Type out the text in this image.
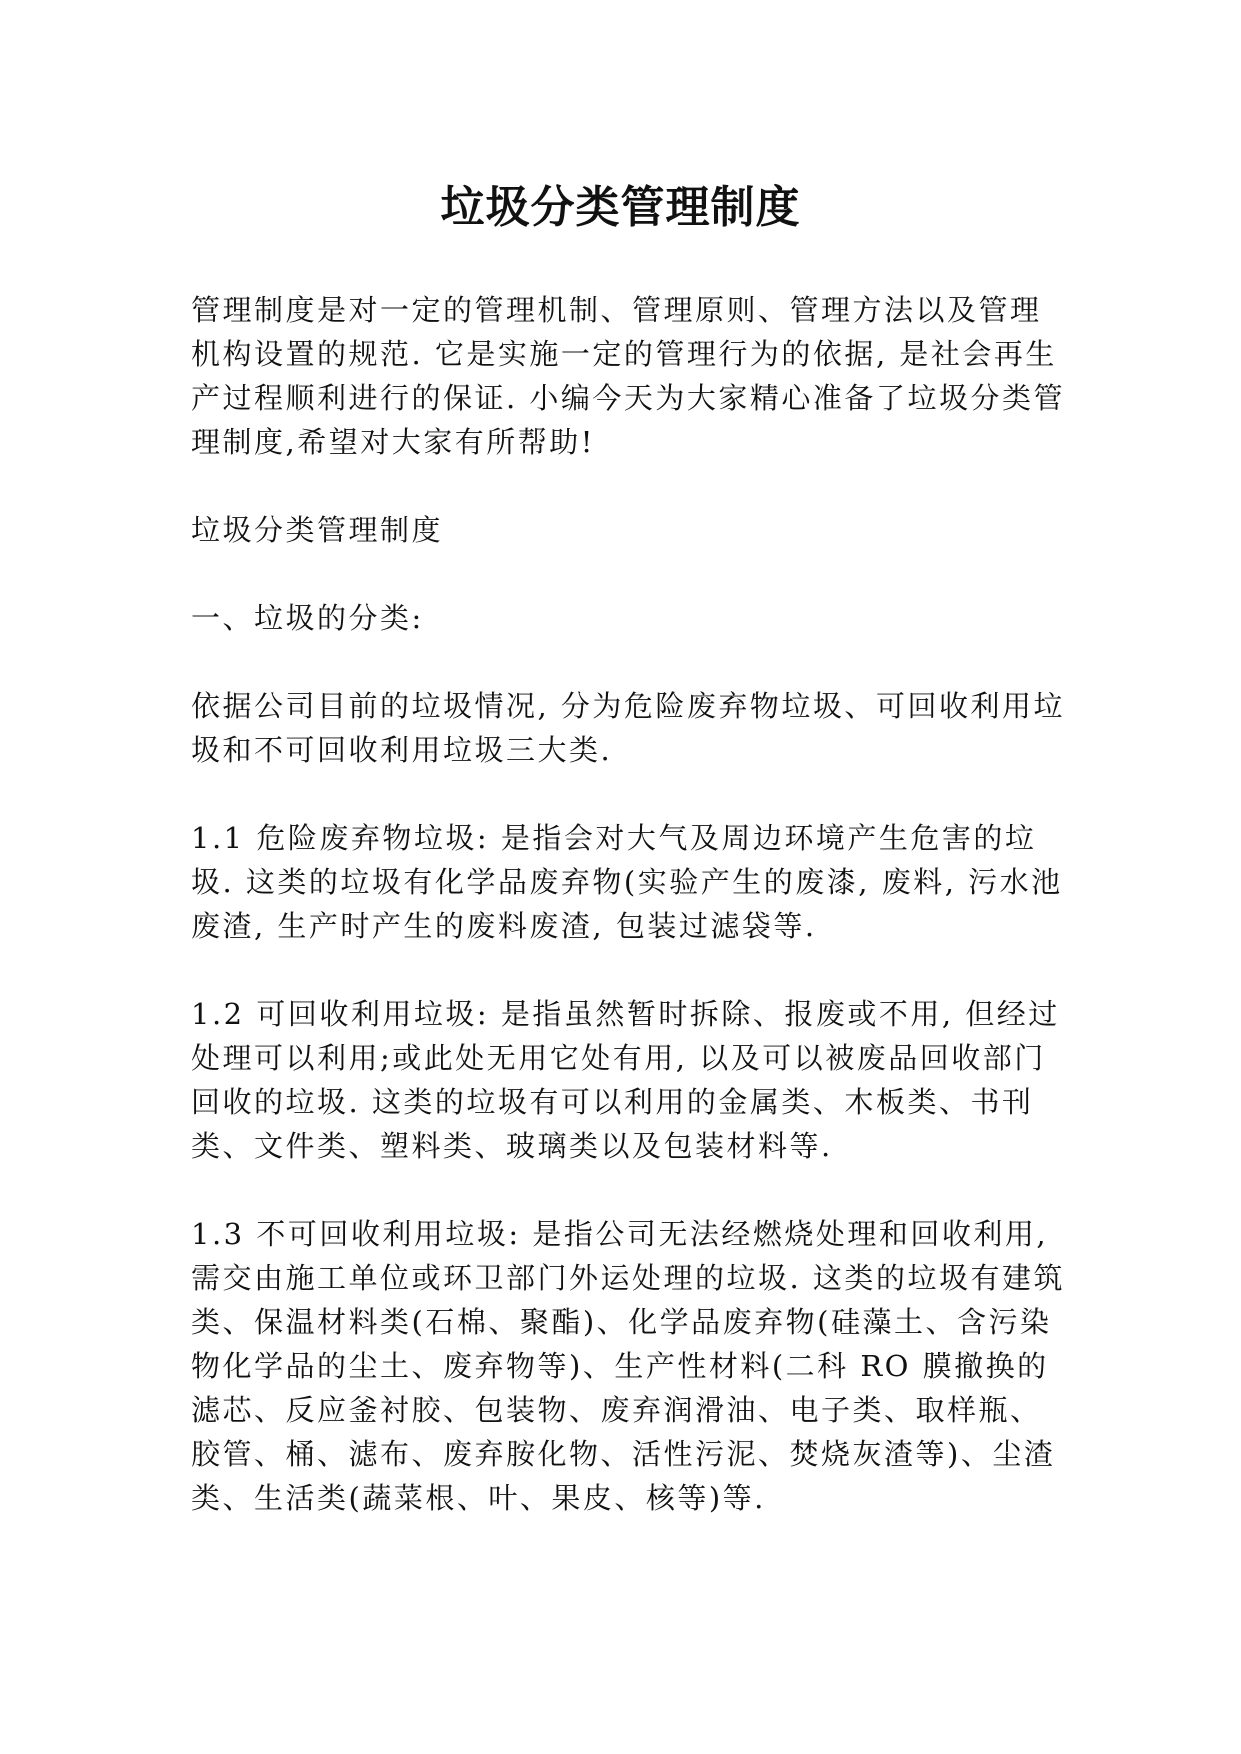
垃圾分类管理制度

管理制度是对一定的管理机制、管理原则、管理方法以及管理机构设置的规范. 它是实施一定的管理行为的依据, 是社会再生产过程顺利进行的保证. 小编今天为大家精心准备了垃圾分类管理制度,希望对大家有所帮助!

垃圾分类管理制度

一、垃圾的分类:

依据公司目前的垃圾情况, 分为危险废弃物垃圾、可回收利用垃圾和不可回收利用垃圾三大类.

1.1 危险废弃物垃圾: 是指会对大气及周边环境产生危害的垃圾. 这类的垃圾有化学品废弃物(实验产生的废漆, 废料, 污水池废渣, 生产时产生的废料废渣, 包装过滤袋等.

1.2 可回收利用垃圾: 是指虽然暂时拆除、报废或不用, 但经过处理可以利用;或此处无用它处有用, 以及可以被废品回收部门回收的垃圾. 这类的垃圾有可以利用的金属类、木板类、书刊类、文件类、塑料类、玻璃类以及包装材料等.

1.3 不可回收利用垃圾: 是指公司无法经燃烧处理和回收利用, 需交由施工单位或环卫部门外运处理的垃圾. 这类的垃圾有建筑类、保温材料类(石棉、聚酯)、化学品废弃物(硅藻土、含污染物化学品的尘土、废弃物等)、生产性材料(二科 RO 膜撤换的滤芯、反应釜衬胶、包装物、废弃润滑油、电子类、取样瓶、胶管、桶、滤布、废弃胺化物、活性污泥、焚烧灰渣等)、尘渣类、生活类(蔬菜根、叶、果皮、核等)等.
